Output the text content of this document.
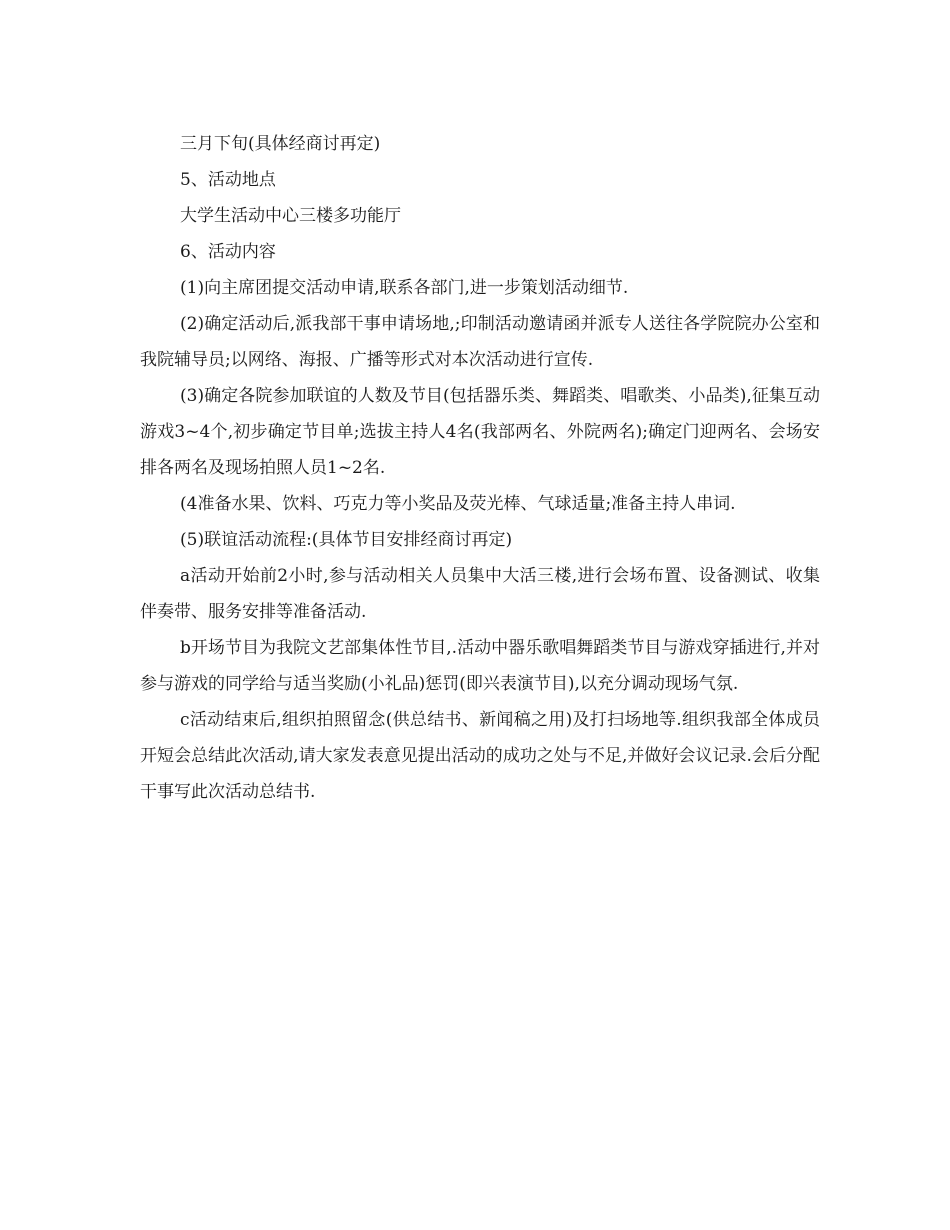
三月下旬(具体经商讨再定)

5、活动地点

大学生活动中心三楼多功能厅

6、活动内容

(1)向主席团提交活动申请,联系各部门,进一步策划活动细节.

(2)确定活动后,派我部干事申请场地,;印制活动邀请函并派专人送往各学院院办公室和我院辅导员;以网络、海报、广播等形式对本次活动进行宣传.

(3)确定各院参加联谊的人数及节目(包括器乐类、舞蹈类、唱歌类、小品类),征集互动游戏3~4个,初步确定节目单;选拔主持人4名(我部两名、外院两名);确定门迎两名、会场安排各两名及现场拍照人员1~2名.

(4准备水果、饮料、巧克力等小奖品及荧光棒、气球适量;准备主持人串词.

(5)联谊活动流程:(具体节目安排经商讨再定)

a活动开始前2小时,参与活动相关人员集中大活三楼,进行会场布置、设备测试、收集伴奏带、服务安排等准备活动.

b开场节目为我院文艺部集体性节目,.活动中器乐歌唱舞蹈类节目与游戏穿插进行,并对参与游戏的同学给与适当奖励(小礼品)惩罚(即兴表演节目),以充分调动现场气氛.

c活动结束后,组织拍照留念(供总结书、新闻稿之用)及打扫场地等.组织我部全体成员开短会总结此次活动,请大家发表意见提出活动的成功之处与不足,并做好会议记录.会后分配干事写此次活动总结书.
